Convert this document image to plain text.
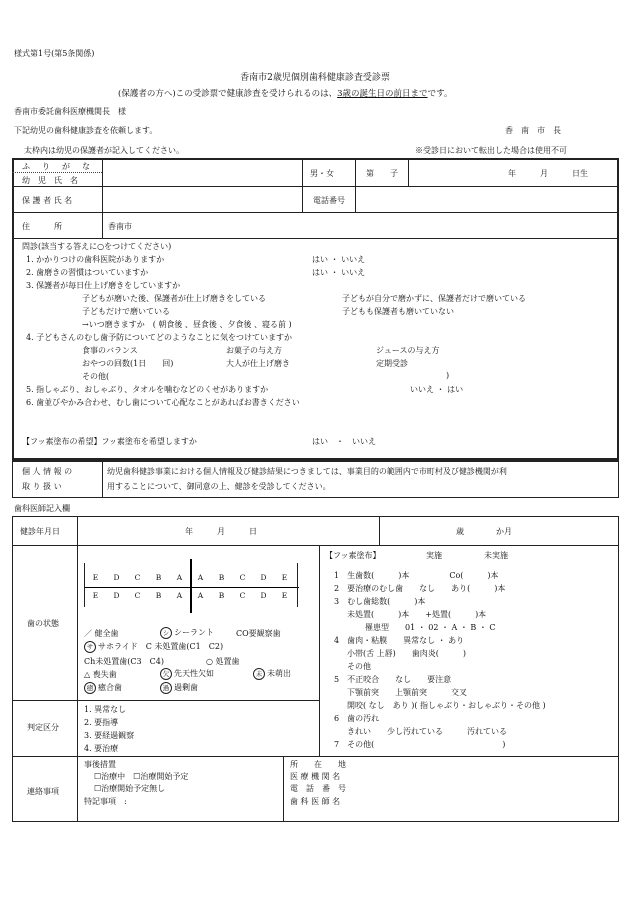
様式第1号(第5条関係)
香南市2歳児個別歯科健康診査受診票
(保護者の方へ)この受診票で健康診査を受けられるのは、3歳の誕生日の前日までです。
香南市委託歯科医療機関長　様
下記幼児の歯科健康診査を依頼します。	香　南　市　長
太枠内は幼児の保護者が記入してください。	※受診日において転出した場合は使用不可
ふ　り　が　な
幼　児　氏　名
男・女	第　　子	年　　　月　　　日生
保 護 者 氏 名	電話番号
住　　　所	香南市
問診(該当する答えに○をつけてください)
1. かかりつけの歯科医院がありますか	はい ・ いいえ
2. 歯磨きの習慣はついていますか	はい ・ いいえ
3. 保護者が毎日仕上げ磨きをしていますか
子どもが磨いた後、保護者が仕上げ磨きをしている	子どもが自分で磨かずに、保護者だけで磨いている
子どもだけで磨いている	子どもも保護者も磨いていない
→いつ磨きますか　( 朝食後 、昼食後 、夕食後 、寝る前 )
4. 子どもさんのむし歯予防についてどのようなことに気をつけていますか
食事のバランス	お菓子の与え方	ジュースの与え方
おやつの回数(1日　　回)	大人が仕上げ磨き	定期受診
その他(	)
5. 指しゃぶり、おしゃぶり、タオルを噛むなどのくせがありますか	いいえ ・ はい
6. 歯並びやかみ合わせ、むし歯について心配なことがあればお書きください
【フッ素塗布の希望】フッ素塗布を希望しますか	はい　・　いいえ
個 人 情 報 の
取 り 扱 い
幼児歯科健診事業における個人情報及び健診結果につきましては、事業目的の範囲内で市町村及び健診機関が利
用することについて、御同意の上、健診を受診してください。
歯科医師記入欄
健診年月日	年　　　月　　　日	歳　　　　か月
歯の状態
E	D	C	B	A	A	B	C	D	E
E	D	C	B	A	A	B	C	D	E
／ 健全歯	シ シーラント	CO要観察歯
サ サホライド　C 未処置歯(C1　C2)
Ch未処置歯(C3　C4)	○ 処置歯
△ 喪失歯	欠 先天性欠如	未 未萌出
癒 癒合歯	過 過剰歯
判定区分
1. 異常なし
2. 要指導
3. 要経過観察
4. 要治療
【フッ素塗布】	実施	未実施
1　生歯数(　　　)本　　　　　Co(　　　)本
2　要治療のむし歯　　なし　　あり(　　　)本
3　むし歯総数(　　　)本
未処置(　　　)本　　+処置(　　　)本
罹患型　　01 ・ 02 ・ A ・ B ・ C
4　歯肉・粘膜　　異常なし ・ あり
小帯(舌 上唇)　　歯肉炎(　　　)
その他
5　不正咬合　　なし　　要注意
下顎前突　　上顎前突　　　交叉
開咬( なし　あり )( 指しゃぶり・おしゃぶり・その他 )
6　歯の汚れ
きれい　　少し汚れている　　　汚れている
7　その他(　　　　　　　　　　　　　　　　)
連絡事項
事後措置
☐治療中　☐治療開始予定
☐治療開始予定無し
特記事項　:
所　　在　　地
医 療 機 関 名
電　話　番　号
歯 科 医 師 名
